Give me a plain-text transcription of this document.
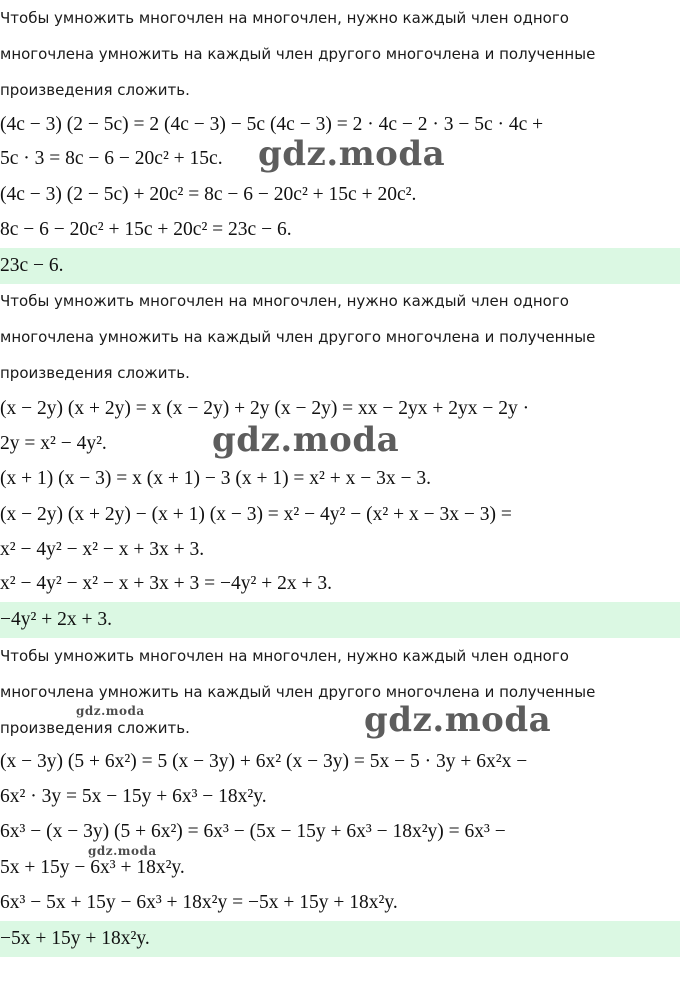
Чтобы умножить многочлен на многочлен, нужно каждый член одного
многочлена умножить на каждый член другого многочлена и полученные
произведения сложить.
(4c − 3) (2 − 5c) = 2 (4c − 3) − 5c (4c − 3) = 2 · 4c − 2 · 3 − 5c · 4c +
5c · 3 = 8c − 6 − 20c² + 15c. gdz.moda
(4c − 3) (2 − 5c) + 20c² = 8c − 6 − 20c² + 15c + 20c².
8c − 6 − 20c² + 15c + 20c² = 23c − 6.
23c − 6.
Чтобы умножить многочлен на многочлен, нужно каждый член одного
многочлена умножить на каждый член другого многочлена и полученные
произведения сложить.
(x − 2y) (x + 2y) = x (x − 2y) + 2y (x − 2y) = xx − 2yx + 2yx − 2y ·
2y = x² − 4y².	gdz.moda
(x + 1) (x − 3) = x (x + 1) − 3 (x + 1) = x² + x − 3x − 3.
(x − 2y) (x + 2y) − (x + 1) (x − 3) = x² − 4y² − (x² + x − 3x − 3) =
x² − 4y² − x² − x + 3x + 3.
x² − 4y² − x² − x + 3x + 3 = −4y² + 2x + 3.
−4y² + 2x + 3.
Чтобы умножить многочлен на многочлен, нужно каждый член одного
многочлена умножить на каждый член другого многочлена и полученные
gdz.moda
произведения сложить.	gdz.moda
(x − 3y) (5 + 6x²) = 5 (x − 3y) + 6x² (x − 3y) = 5x − 5 · 3y + 6x²x −
6x² · 3y = 5x − 15y + 6x³ − 18x²y.
6x³ − (x − 3y) (5 + 6x²) = 6x³ − (5x − 15y + 6x³ − 18x²y) = 6x³ −
gdz.moda
5x + 15y − 6x³ + 18x²y.
6x³ − 5x + 15y − 6x³ + 18x²y = −5x + 15y + 18x²y.
−5x + 15y + 18x²y.
